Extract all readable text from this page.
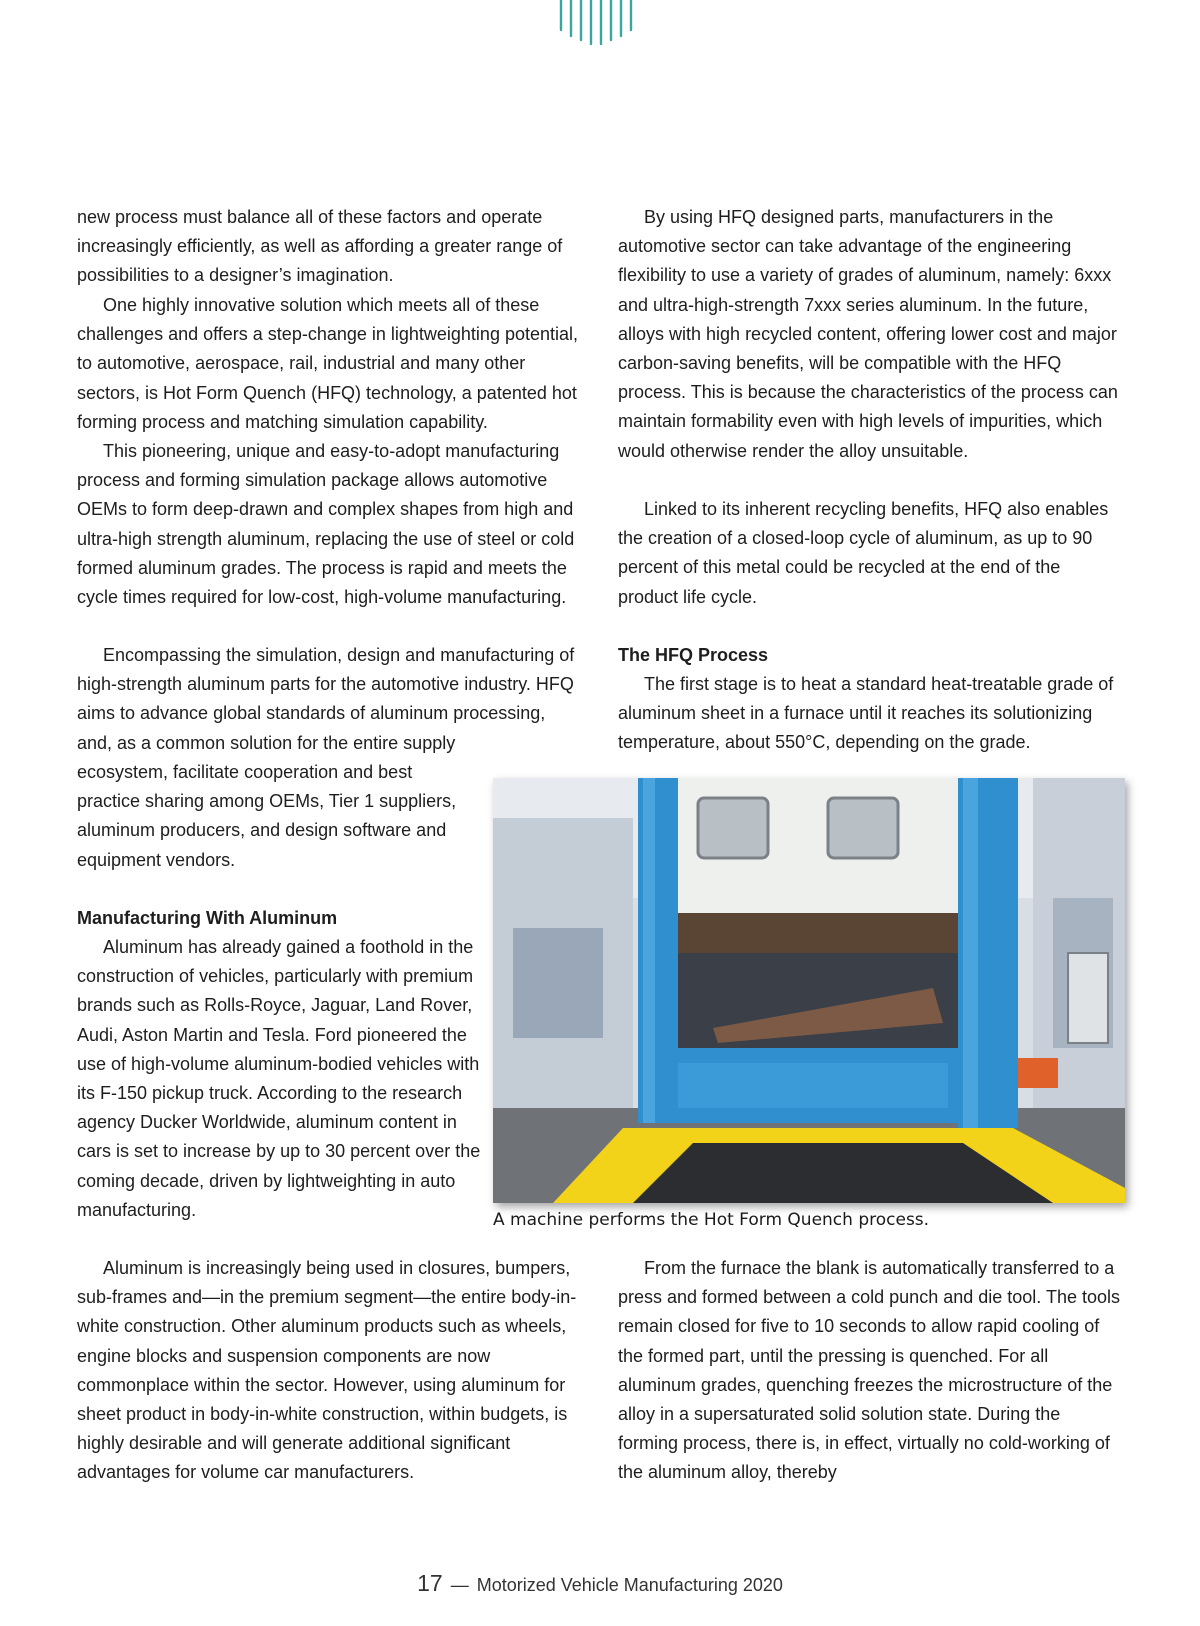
new process must balance all of these factors and operate increasingly efficiently, as well as affording a greater range of possibilities to a designer’s imagination.

One highly innovative solution which meets all of these challenges and offers a step-change in lightweighting potential, to automotive, aerospace, rail, industrial and many other sectors, is Hot Form Quench (HFQ) technology, a patented hot forming process and matching simulation capability.

This pioneering, unique and easy-to-adopt manufacturing process and forming simulation package allows automotive OEMs to form deep-drawn and complex shapes from high and ultra-high strength aluminum, replacing the use of steel or cold formed aluminum grades. The process is rapid and meets the cycle times required for low-cost, high-volume manufacturing.

Encompassing the simulation, design and manufacturing of high-strength aluminum parts for the automotive industry. HFQ aims to advance global standards of aluminum processing, and, as a common solution for the entire supply

ecosystem, facilitate cooperation and best practice sharing among OEMs, Tier 1 suppliers, aluminum producers, and design software and equipment vendors.

Manufacturing With Aluminum

Aluminum has already gained a foothold in the construction of vehicles, particularly with premium brands such as Rolls-Royce, Jaguar, Land Rover, Audi, Aston Martin and Tesla. Ford pioneered the use of high-volume aluminum-bodied vehicles with its F-150 pickup truck. According to the research agency Ducker Worldwide, aluminum content in cars is set to increase by up to 30 percent over the coming decade, driven by lightweighting in auto manufacturing.

Aluminum is increasingly being used in closures, bumpers, sub-frames and—in the premium segment—the entire body-in-white construction. Other aluminum products such as wheels, engine blocks and suspension components are now commonplace within the sector. However, using aluminum for sheet product in body-in-white construction, within budgets, is highly desirable and will generate additional significant advantages for volume car manufacturers.

By using HFQ designed parts, manufacturers in the automotive sector can take advantage of the engineering flexibility to use a variety of grades of aluminum, namely: 6xxx and ultra-high-strength 7xxx series aluminum. In the future, alloys with high recycled content, offering lower cost and major carbon-saving benefits, will be compatible with the HFQ process. This is because the characteristics of the process can maintain formability even with high levels of impurities, which would otherwise render the alloy unsuitable.

Linked to its inherent recycling benefits, HFQ also enables the creation of a closed-loop cycle of aluminum, as up to 90 percent of this metal could be recycled at the end of the product life cycle.

The HFQ Process

The first stage is to heat a standard heat-treatable grade of aluminum sheet in a furnace until it reaches its solutionizing temperature, about 550°C, depending on the grade.

From the furnace the blank is automatically transferred to a press and formed between a cold punch and die tool. The tools remain closed for five to 10 seconds to allow rapid cooling of the formed part, until the pressing is quenched. For all aluminum grades, quenching freezes the microstructure of the alloy in a supersaturated solid solution state. During the forming process, there is, in effect, virtually no cold-working of the aluminum alloy, thereby

A machine performs the Hot Form Quench process.
17 — Motorized Vehicle Manufacturing 2020
